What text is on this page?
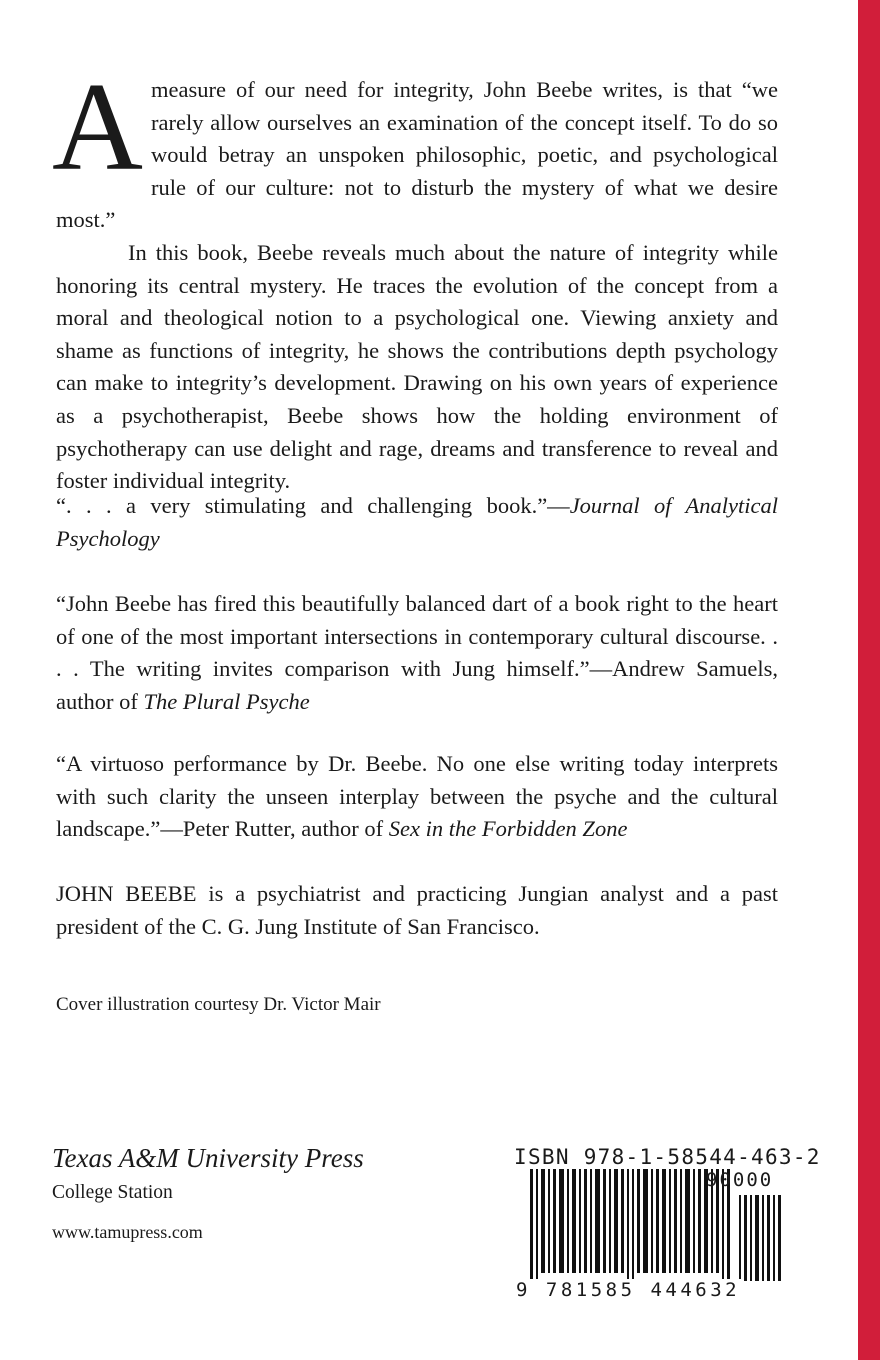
A measure of our need for integrity, John Beebe writes, is that “we rarely allow ourselves an examination of the concept itself. To do so would betray an unspoken philosophic, poetic, and psychological rule of our culture: not to disturb the mystery of what we desire most.”
In this book, Beebe reveals much about the nature of integrity while honoring its central mystery. He traces the evolution of the concept from a moral and theological notion to a psychological one. Viewing anxiety and shame as functions of integrity, he shows the contributions depth psychology can make to integrity’s development. Drawing on his own years of experience as a psychotherapist, Beebe shows how the holding environment of psychotherapy can use delight and rage, dreams and transference to reveal and foster individual integrity.

“. . . a very stimulating and challenging book.”—Journal of Analytical Psychology

“John Beebe has fired this beautifully balanced dart of a book right to the heart of one of the most important intersections in contemporary cultural discourse. . . . The writing invites comparison with Jung himself.”—Andrew Samuels, author of The Plural Psyche

“A virtuoso performance by Dr. Beebe. No one else writing today interprets with such clarity the unseen interplay between the psyche and the cultural landscape.”—Peter Rutter, author of Sex in the Forbidden Zone

JOHN BEEBE is a psychiatrist and practicing Jungian analyst and a past president of the C. G. Jung Institute of San Francisco.

Cover illustration courtesy Dr. Victor Mair

Texas A&M University Press

College Station

www.tamupress.com

ISBN 978-1-58544-463-2

90000

9 781585 444632
